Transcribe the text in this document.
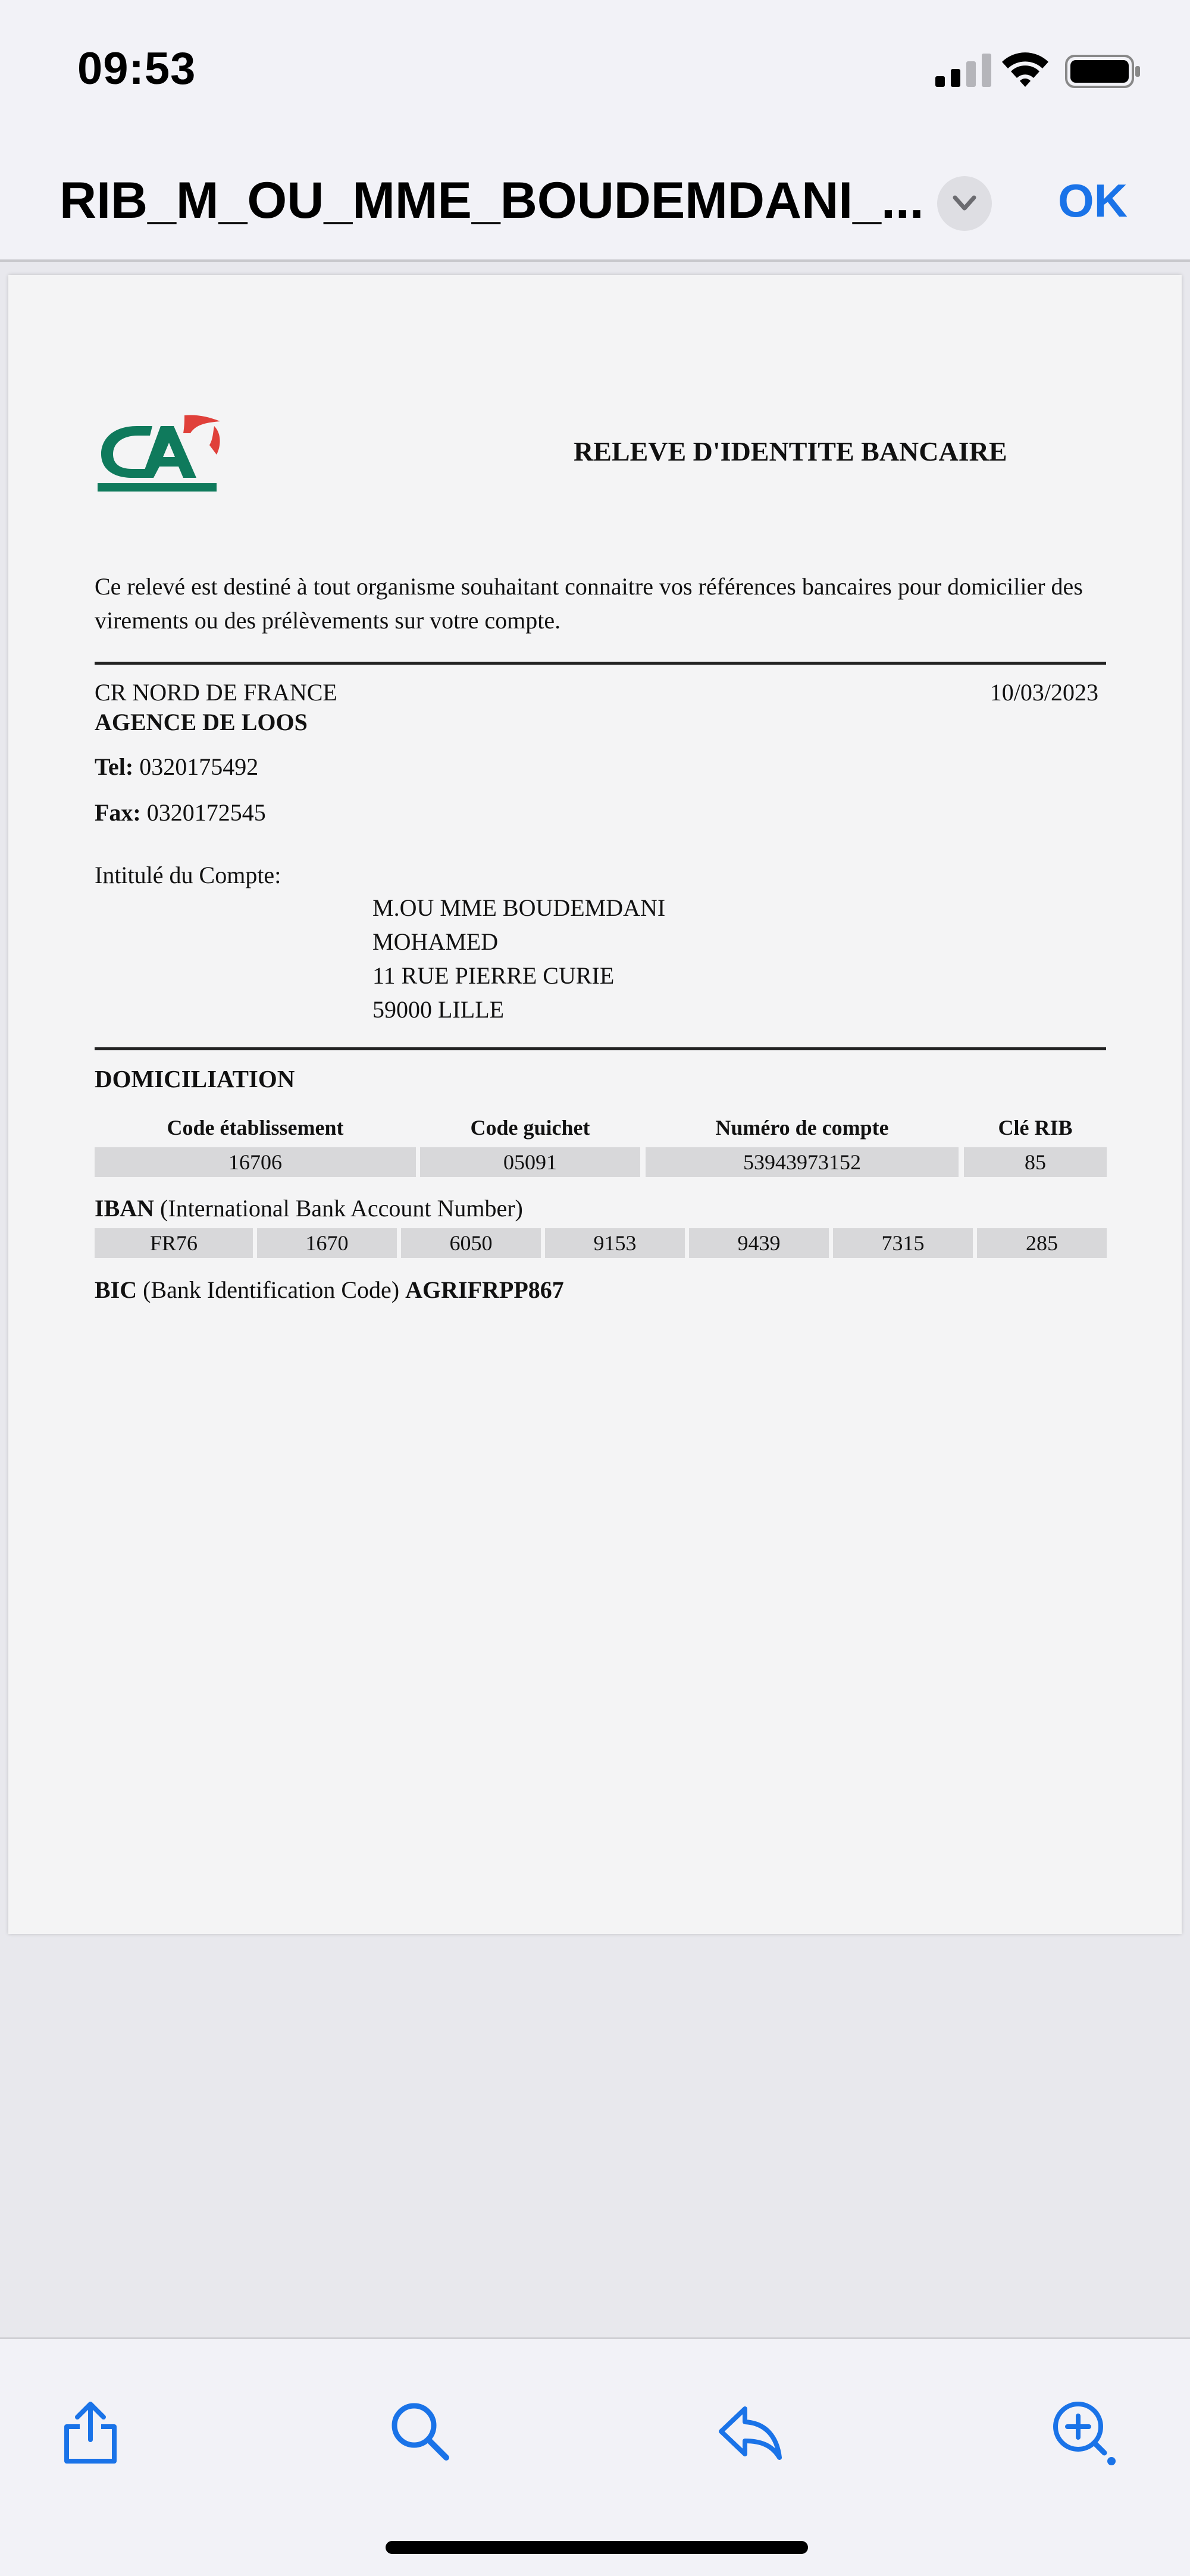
09:53
RIB_M_OU_MME_BOUDEMDANI_...	OK
RELEVE D'IDENTITE BANCAIRE
Ce relevé est destiné à tout organisme souhaitant connaitre vos références bancaires pour domicilier des virements ou des prélèvements sur votre compte.
CR NORD DE FRANCE	10/03/2023
AGENCE DE LOOS
Tel: 0320175492
Fax: 0320172545
Intitulé du Compte:
M.OU MME BOUDEMDANI
MOHAMED
11 RUE PIERRE CURIE
59000 LILLE
DOMICILIATION
Code établissement	Code guichet	Numéro de compte	Clé RIB
16706	05091	53943973152	85
IBAN (International Bank Account Number)
FR76	1670	6050	9153	9439	7315	285
BIC (Bank Identification Code) AGRIFRPP867
